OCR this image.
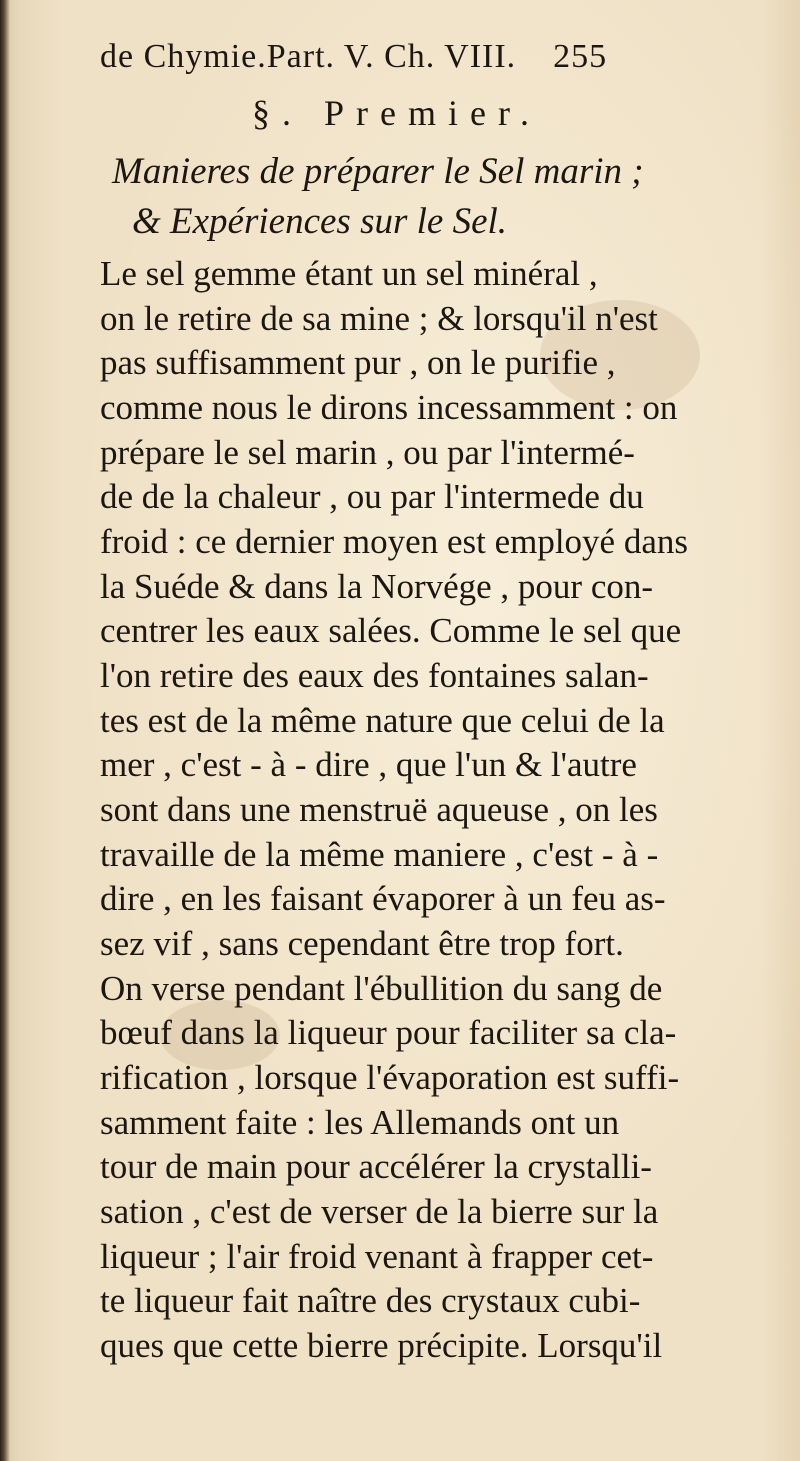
de Chymie.Part. V. Ch. VIII. 255
§. Premier.
Manieres de préparer le Sel marin ;
& Expériences sur le Sel.
Le sel gemme étant un sel minéral ,
on le retire de sa mine ; & lorsqu'il n'est
pas suffisamment pur , on le purifie ,
comme nous le dirons incessamment : on
prépare le sel marin , ou par l'intermé-
de de la chaleur , ou par l'intermede du
froid : ce dernier moyen est employé dans
la Suéde & dans la Norvége , pour con-
centrer les eaux salées. Comme le sel que
l'on retire des eaux des fontaines salan-
tes est de la même nature que celui de la
mer , c'est - à - dire , que l'un & l'autre
sont dans une menstruë aqueuse , on les
travaille de la même maniere , c'est - à -
dire , en les faisant évaporer à un feu as-
sez vif , sans cependant être trop fort.
On verse pendant l'ébullition du sang de
bœuf dans la liqueur pour faciliter sa cla-
rification , lorsque l'évaporation est suffi-
samment faite : les Allemands ont un
tour de main pour accélérer la crystalli-
sation , c'est de verser de la bierre sur la
liqueur ; l'air froid venant à frapper cet-
te liqueur fait naître des crystaux cubi-
ques que cette bierre précipite. Lorsqu'il
